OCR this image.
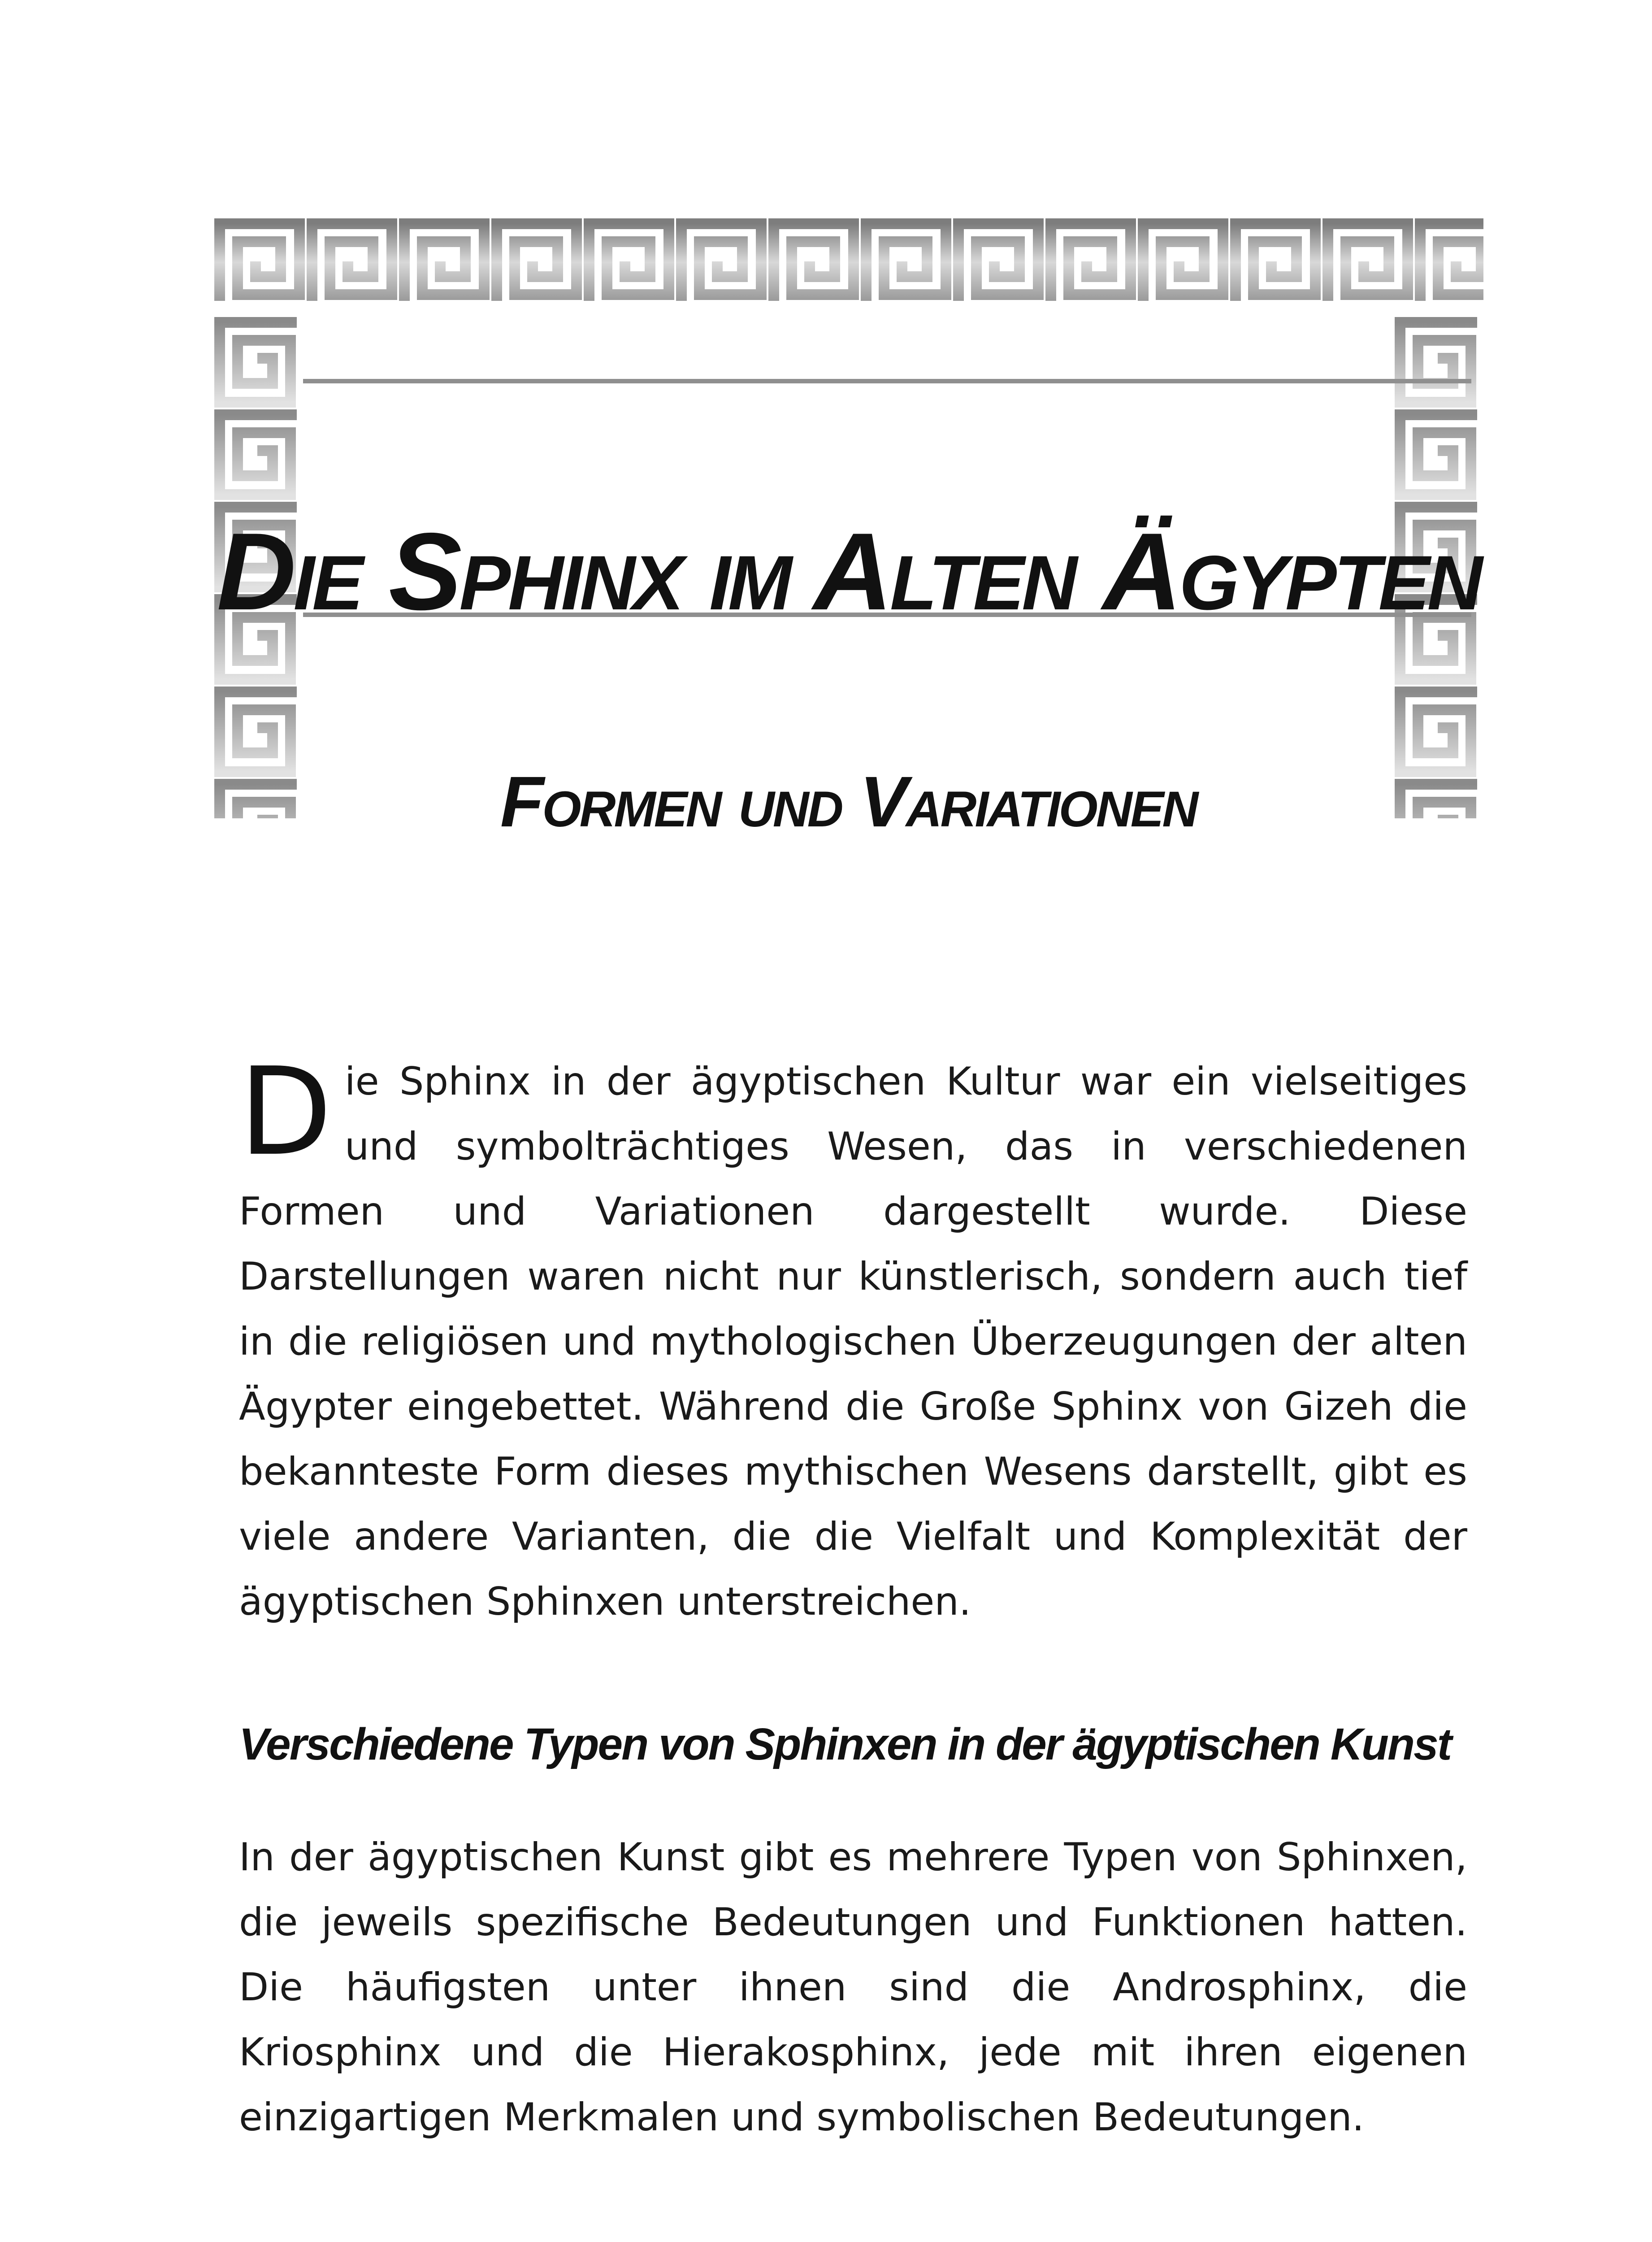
Die Sphinx im Alten Ägypten
Formen und Variationen

Die Sphinx in der ägyptischen Kultur war ein vielseitiges und symbolträchtiges Wesen, das in verschiedenen Formen und Variationen dargestellt wurde. Diese Darstellungen waren nicht nur künstlerisch, sondern auch tief in die religiösen und mythologischen Überzeugungen der alten Ägypter eingebettet. Während die Große Sphinx von Gizeh die bekannteste Form dieses mythischen Wesens darstellt, gibt es viele andere Varianten, die die Vielfalt und Komplexität der ägyptischen Sphinxen unterstreichen.

Verschiedene Typen von Sphinxen in der ägyptischen Kunst

In der ägyptischen Kunst gibt es mehrere Typen von Sphinxen, die jeweils spezifische Bedeutungen und Funktionen hatten. Die häufigsten unter ihnen sind die Androsphinx, die Kriosphinx und die Hierakosphinx, jede mit ihren eigenen einzigartigen Merkmalen und symbolischen Bedeutungen.
